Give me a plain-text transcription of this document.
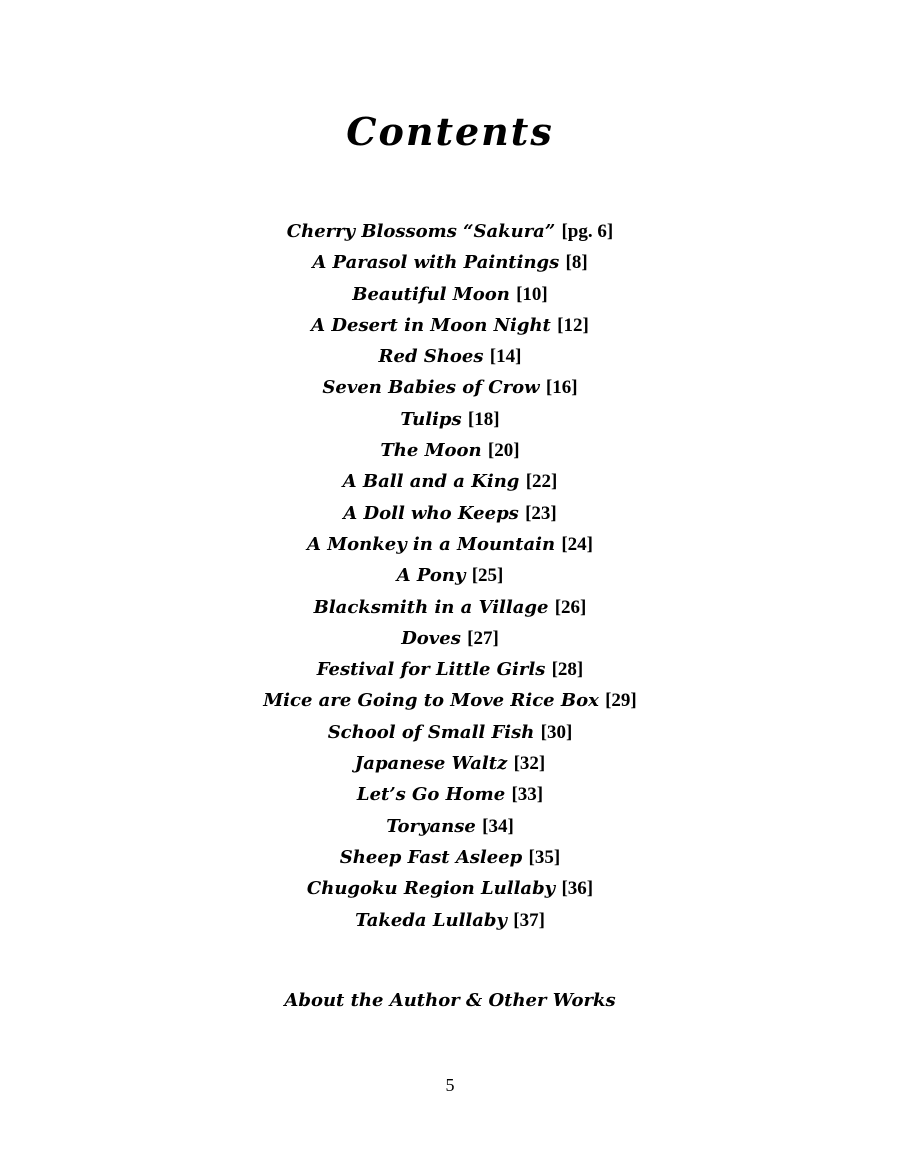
Contents
Cherry Blossoms “Sakura” [pg. 6]
A Parasol with Paintings [8]
Beautiful Moon [10]
A Desert in Moon Night [12]
Red Shoes [14]
Seven Babies of Crow [16]
Tulips [18]
The Moon [20]
A Ball and a King [22]
A Doll who Keeps [23]
A Monkey in a Mountain [24]
A Pony [25]
Blacksmith in a Village [26]
Doves [27]
Festival for Little Girls [28]
Mice are Going to Move Rice Box [29]
School of Small Fish [30]
Japanese Waltz [32]
Let’s Go Home [33]
Toryanse [34]
Sheep Fast Asleep [35]
Chugoku Region Lullaby [36]
Takeda Lullaby [37]
About the Author & Other Works
5
